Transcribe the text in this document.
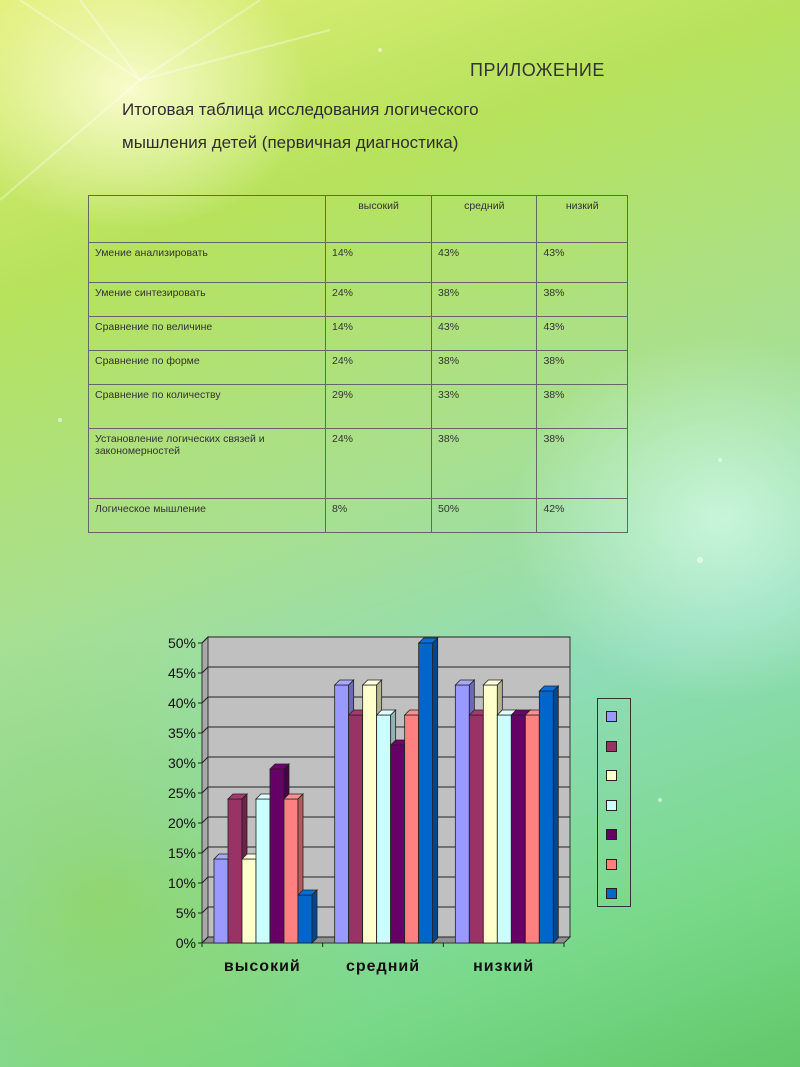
ПРИЛОЖЕНИЕ
Итоговая таблица исследования логического
мышления детей (первичная диагностика)
	высокий	средний	низкий
Умение анализировать	14%	43%	43%
Умение синтезировать	24%	38%	38%
Сравнение по величине	14%	43%	43%
Сравнение по форме	24%	38%	38%
Сравнение по количеству	29%	33%	38%
Установление логических связей и закономерностей	24%	38%	38%
Логическое мышление	8%	50%	42%
0%
5%
10%
15%
20%
25%
30%
35%
40%
45%
50%
высокий	средний	низкий
